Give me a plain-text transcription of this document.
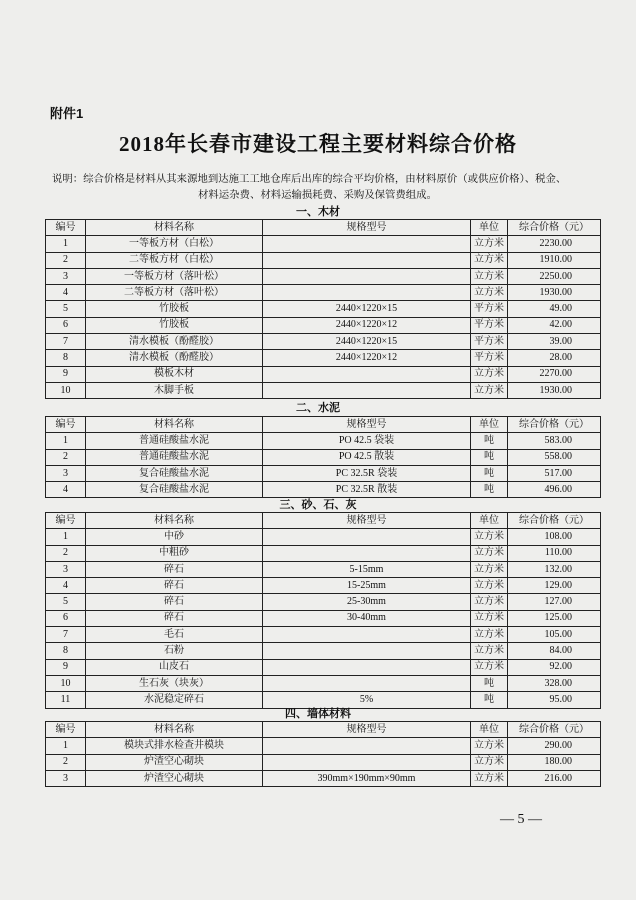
附件1
2018年长春市建设工程主要材料综合价格
说明：综合价格是材料从其来源地到达施工工地仓库后出库的综合平均价格，由材料原价（或供应价格）、税金、
材料运杂费、材料运输损耗费、采购及保管费组成。
一、木材
编号	材料名称	规格型号	单位	综合价格（元）
1	一等板方材（白松）		立方米	2230.00
2	二等板方材（白松）		立方米	1910.00
3	一等板方材（落叶松）		立方米	2250.00
4	二等板方材（落叶松）		立方米	1930.00
5	竹胶板	2440×1220×15	平方米	49.00
6	竹胶板	2440×1220×12	平方米	42.00
7	清水模板（酚醛胶）	2440×1220×15	平方米	39.00
8	清水模板（酚醛胶）	2440×1220×12	平方米	28.00
9	模板木材		立方米	2270.00
10	木脚手板		立方米	1930.00
二、水泥
编号	材料名称	规格型号	单位	综合价格（元）
1	普通硅酸盐水泥	PO 42.5 袋装	吨	583.00
2	普通硅酸盐水泥	PO 42.5 散装	吨	558.00
3	复合硅酸盐水泥	PC 32.5R 袋装	吨	517.00
4	复合硅酸盐水泥	PC 32.5R 散装	吨	496.00
三、砂、石、灰
编号	材料名称	规格型号	单位	综合价格（元）
1	中砂		立方米	108.00
2	中粗砂		立方米	110.00
3	碎石	5-15mm	立方米	132.00
4	碎石	15-25mm	立方米	129.00
5	碎石	25-30mm	立方米	127.00
6	碎石	30-40mm	立方米	125.00
7	毛石		立方米	105.00
8	石粉		立方米	84.00
9	山皮石		立方米	92.00
10	生石灰（块灰）		吨	328.00
11	水泥稳定碎石	5%	吨	95.00
四、墙体材料
编号	材料名称	规格型号	单位	综合价格（元）
1	模块式排水检查井模块		立方米	290.00
2	炉渣空心砌块		立方米	180.00
3	炉渣空心砌块	390mm×190mm×90mm	立方米	216.00
— 5 —
